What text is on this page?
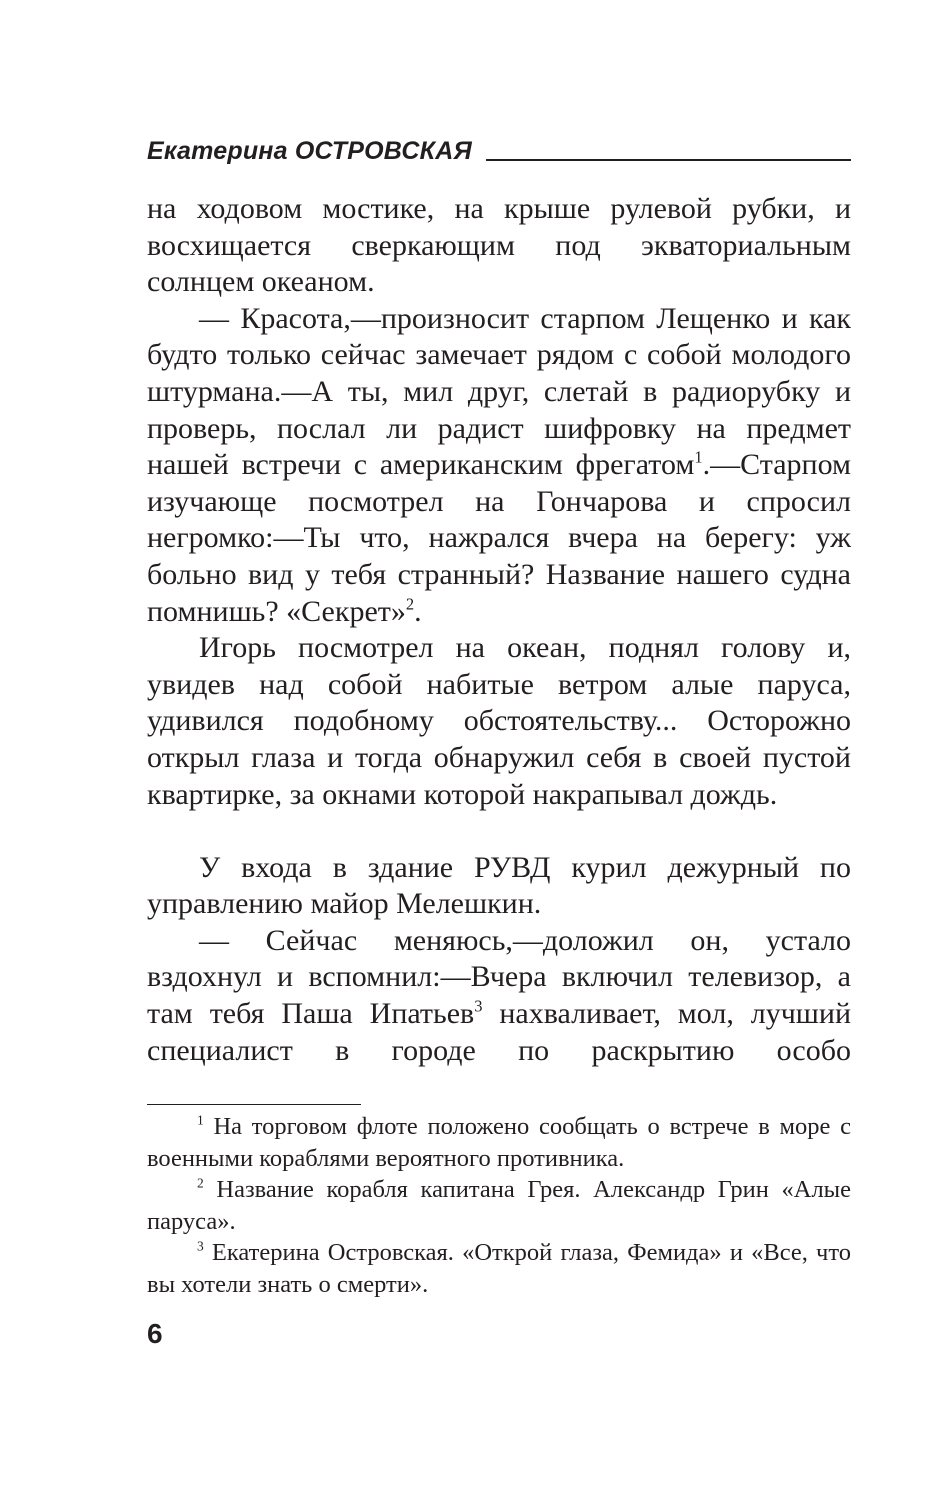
Екатерина ОСТРОВСКАЯ

на ходовом мостике, на крыше рулевой рубки, и восхищается сверкающим под экваториальным солнцем океаном.

— Красота,—произносит старпом Лещенко и как будто только сейчас замечает рядом с собой молодого штурмана.—А ты, мил друг, слетай в радиорубку и проверь, послал ли радист шифровку на предмет нашей встречи с американским фрегатом$^1$.—Старпом изучающе посмотрел на Гончарова и спросил негромко:—Ты что, нажрался вчера на берегу: уж больно вид у тебя странный? Название нашего судна помнишь? «Секрет»$^2$.

Игорь посмотрел на океан, поднял голову и, увидев над собой набитые ветром алые паруса, удивился подобному обстоятельству... Осторожно открыл глаза и тогда обнаружил себя в своей пустой квартирке, за окнами которой накрапывал дождь.

У входа в здание РУВД курил дежурный по управлению майор Мелешкин.

— Сейчас меняюсь,—доложил он, устало вздохнул и вспомнил:—Вчера включил телевизор, а там тебя Паша Ипатьев$^3$ нахваливает, мол, лучший специалист в городе по раскрытию особо

$^1$ На торговом флоте положено сообщать о встрече в море с военными кораблями вероятного противника.

$^2$ Название корабля капитана Грея. Александр Грин «Алые паруса».

$^3$ Екатерина Островская. «Открой глаза, Фемида» и «Все, что вы хотели знать о смерти».

6
